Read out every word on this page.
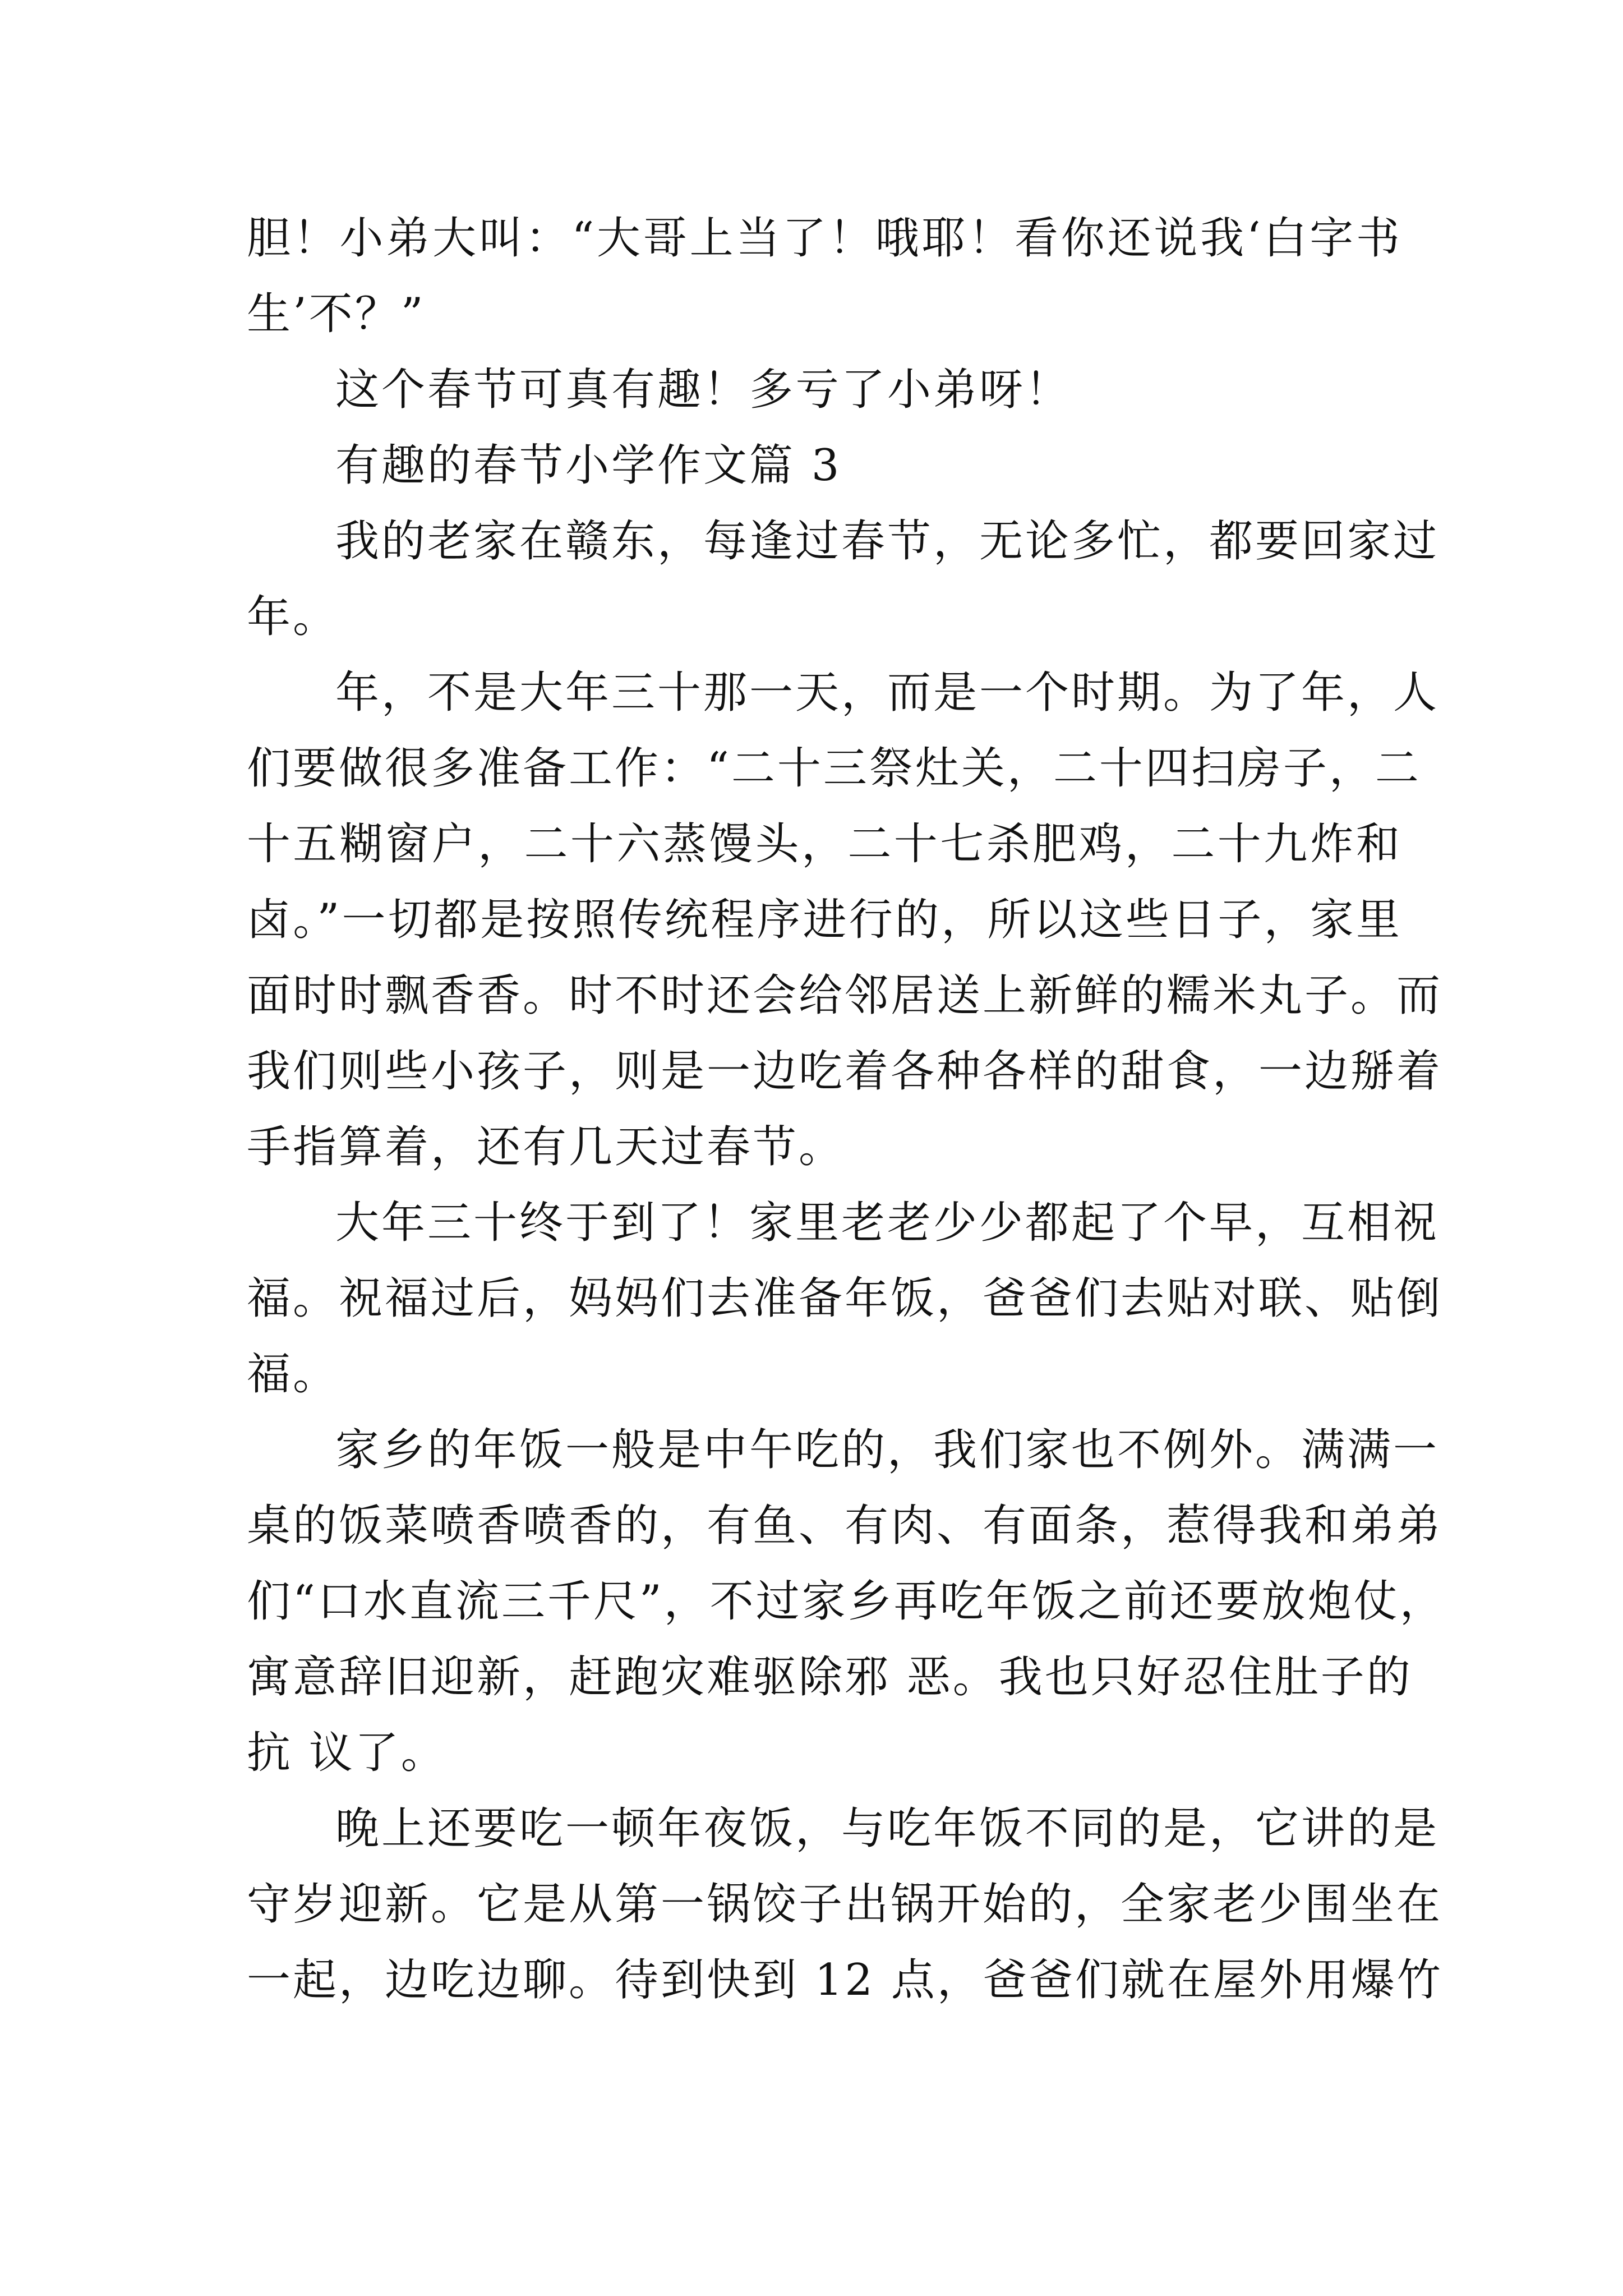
胆！小弟大叫：“大哥上当了！哦耶！看你还说我‘白字书
生’不？”
这个春节可真有趣！多亏了小弟呀！
有趣的春节小学作文篇 3
我的老家在赣东，每逢过春节，无论多忙，都要回家过
年。
年，不是大年三十那一天，而是一个时期。为了年，人
们要做很多准备工作：“二十三祭灶关，二十四扫房子，二
十五糊窗户，二十六蒸馒头，二十七杀肥鸡，二十九炸和
卤。”一切都是按照传统程序进行的，所以这些日子，家里
面时时飘香香。时不时还会给邻居送上新鲜的糯米丸子。而
我们则些小孩子，则是一边吃着各种各样的甜食，一边掰着
手指算着，还有几天过春节。
大年三十终于到了！家里老老少少都起了个早，互相祝
福。祝福过后，妈妈们去准备年饭，爸爸们去贴对联、贴倒
福。
家乡的年饭一般是中午吃的，我们家也不例外。满满一
桌的饭菜喷香喷香的，有鱼、有肉、有面条，惹得我和弟弟
们“口水直流三千尺”，不过家乡再吃年饭之前还要放炮仗，
寓意辞旧迎新，赶跑灾难驱除邪 恶。我也只好忍住肚子的
抗 议了。
晚上还要吃一顿年夜饭，与吃年饭不同的是，它讲的是
守岁迎新。它是从第一锅饺子出锅开始的，全家老少围坐在
一起，边吃边聊。待到快到 12 点，爸爸们就在屋外用爆竹
